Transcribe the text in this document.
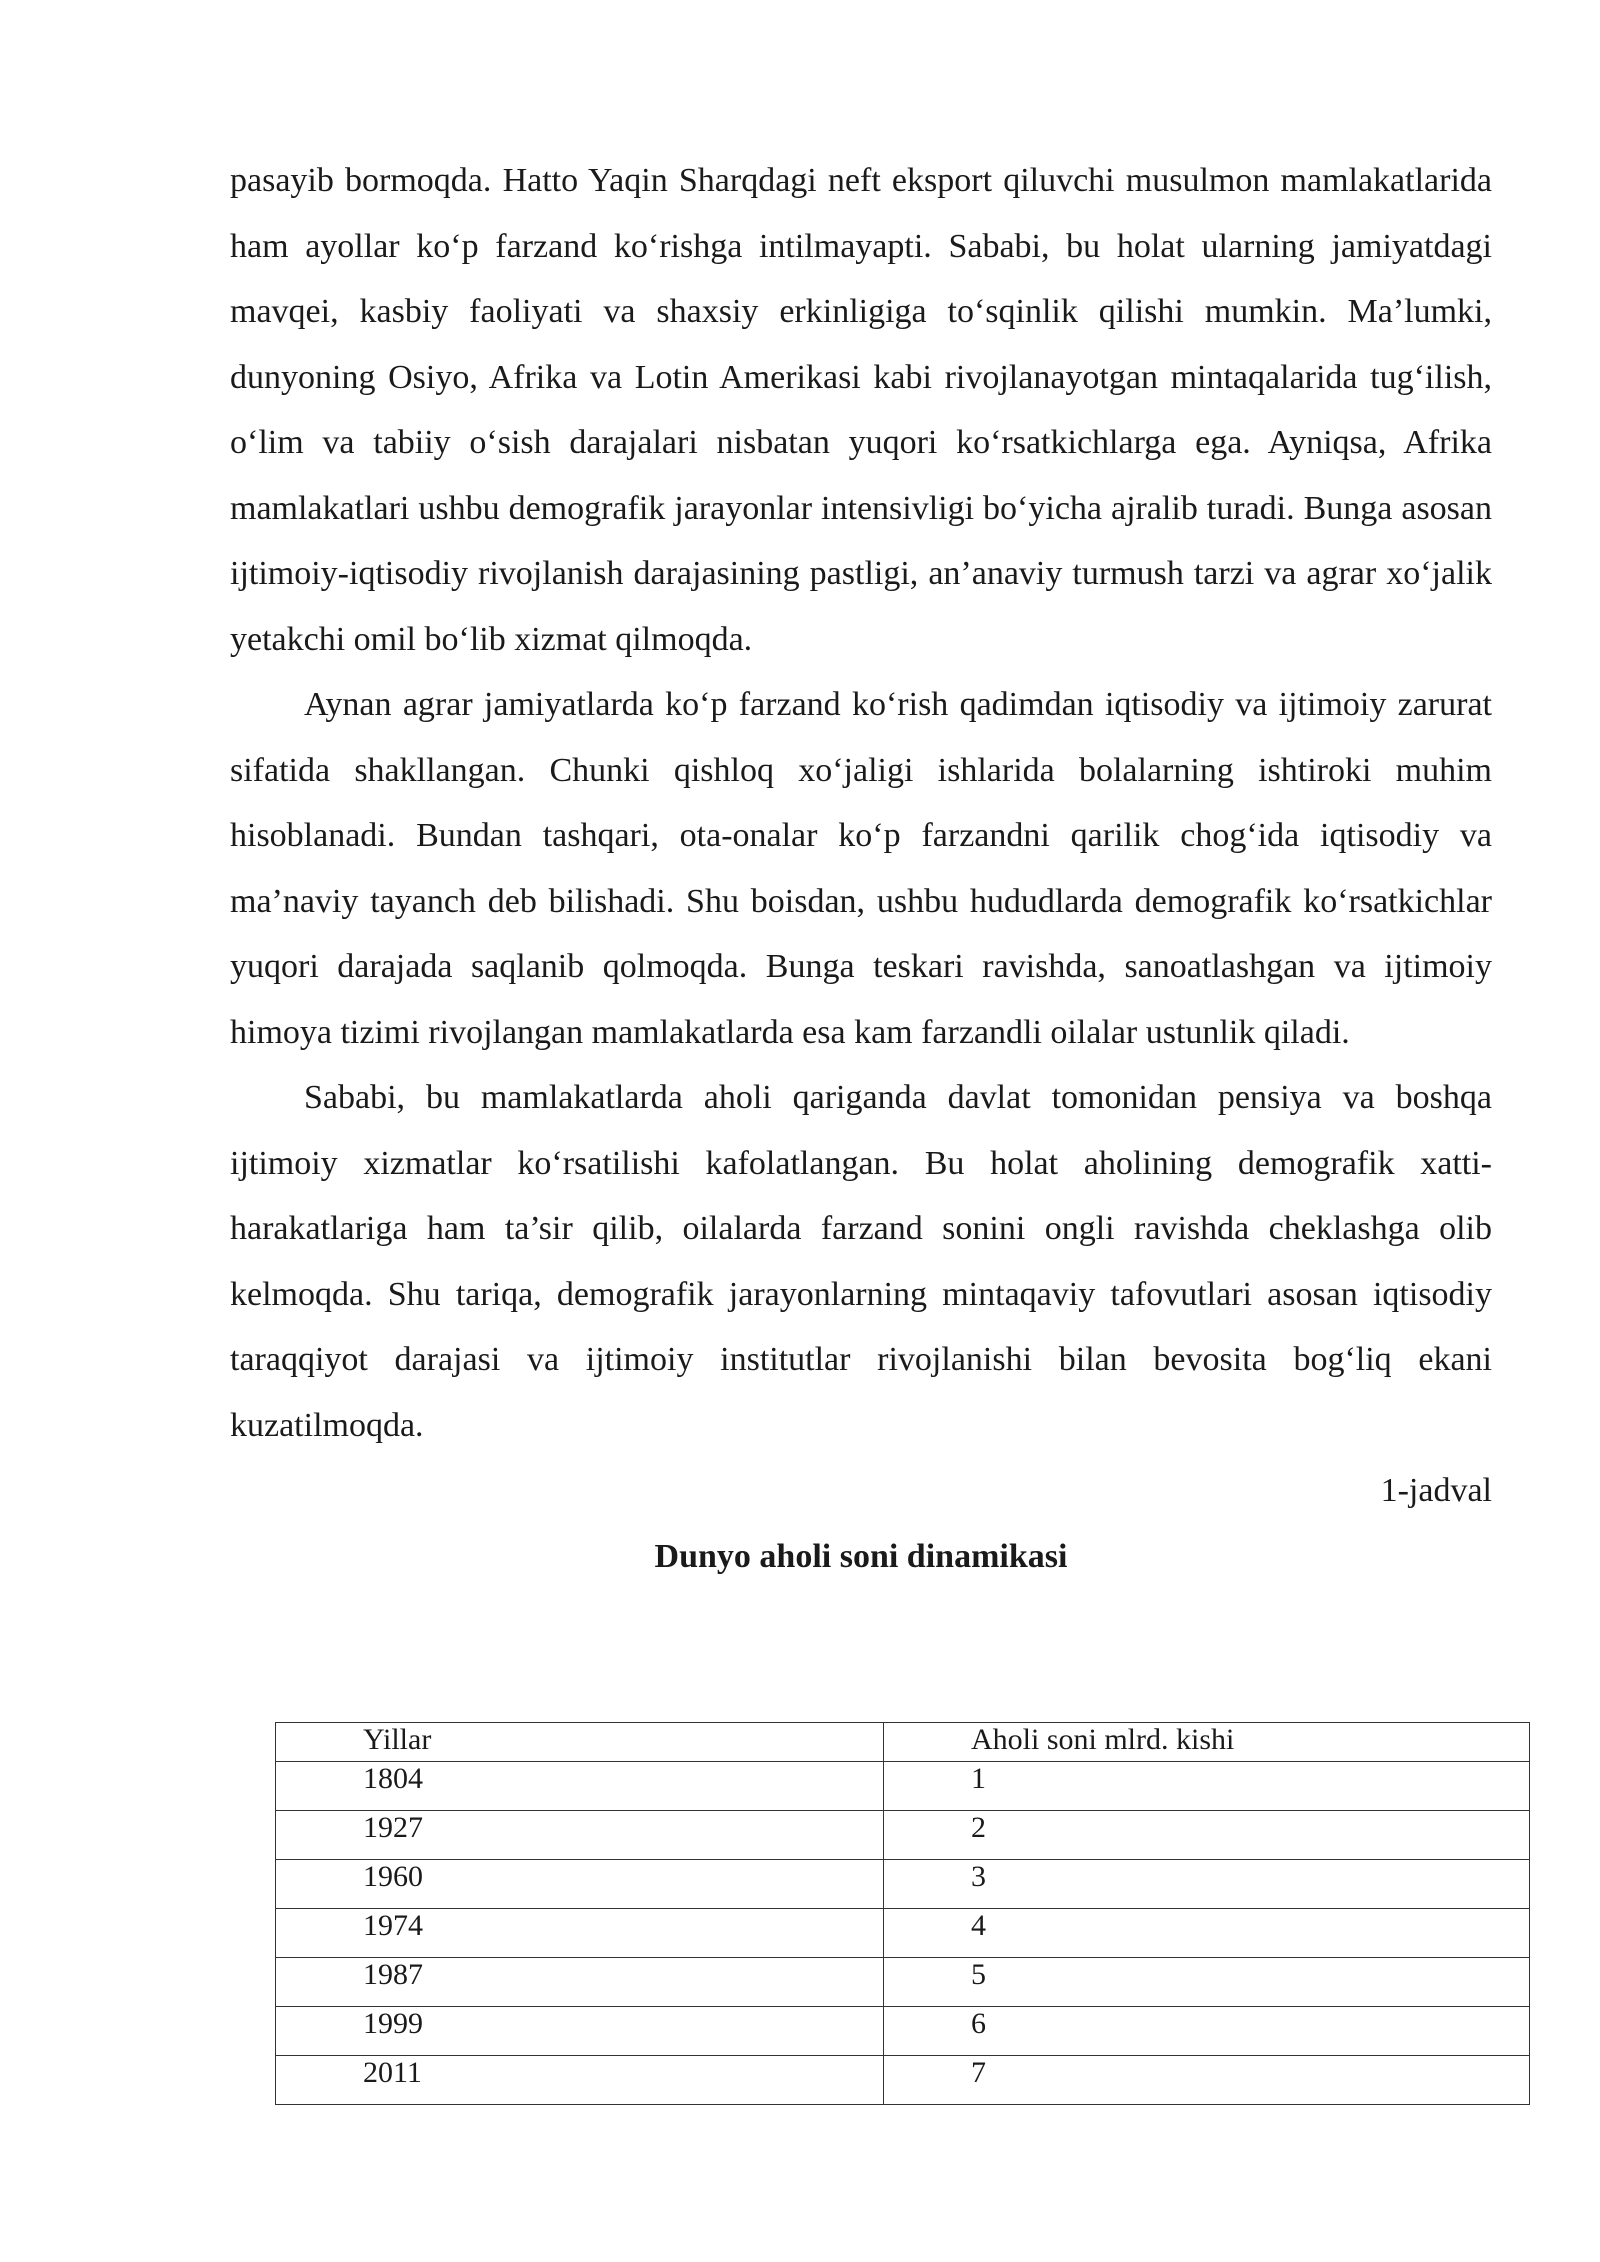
pasayib bormoqda. Hatto Yaqin Sharqdagi neft eksport qiluvchi musulmon mamlakatlarida ham ayollar ko‘p farzand ko‘rishga intilmayapti. Sababi, bu holat ularning jamiyatdagi mavqei, kasbiy faoliyati va shaxsiy erkinligiga to‘sqinlik qilishi mumkin. Ma’lumki, dunyoning Osiyo, Afrika va Lotin Amerikasi kabi rivojlanayotgan mintaqalarida tug‘ilish, o‘lim va tabiiy o‘sish darajalari nisbatan yuqori ko‘rsatkichlarga ega. Ayniqsa, Afrika mamlakatlari ushbu demografik jarayonlar intensivligi bo‘yicha ajralib turadi. Bunga asosan ijtimoiy-iqtisodiy rivojlanish darajasining pastligi, an’anaviy turmush tarzi va agrar xo‘jalik yetakchi omil bo‘lib xizmat qilmoqda.

Aynan agrar jamiyatlarda ko‘p farzand ko‘rish qadimdan iqtisodiy va ijtimoiy zarurat sifatida shakllangan. Chunki qishloq xo‘jaligi ishlarida bolalarning ishtiroki muhim hisoblanadi. Bundan tashqari, ota-onalar ko‘p farzandni qarilik chog‘ida iqtisodiy va ma’naviy tayanch deb bilishadi. Shu boisdan, ushbu hududlarda demografik ko‘rsatkichlar yuqori darajada saqlanib qolmoqda. Bunga teskari ravishda, sanoatlashgan va ijtimoiy himoya tizimi rivojlangan mamlakatlarda esa kam farzandli oilalar ustunlik qiladi.

Sababi, bu mamlakatlarda aholi qariganda davlat tomonidan pensiya va boshqa ijtimoiy xizmatlar ko‘rsatilishi kafolatlangan. Bu holat aholining demografik xatti-harakatlariga ham ta’sir qilib, oilalarda farzand sonini ongli ravishda cheklashga olib kelmoqda. Shu tariqa, demografik jarayonlarning mintaqaviy tafovutlari asosan iqtisodiy taraqqiyot darajasi va ijtimoiy institutlar rivojlanishi bilan bevosita bog‘liq ekani kuzatilmoqda.

1-jadval

Dunyo aholi soni dinamikasi

Yillar	Aholi soni mlrd. kishi
1804	1
1927	2
1960	3
1974	4
1987	5
1999	6
2011	7
